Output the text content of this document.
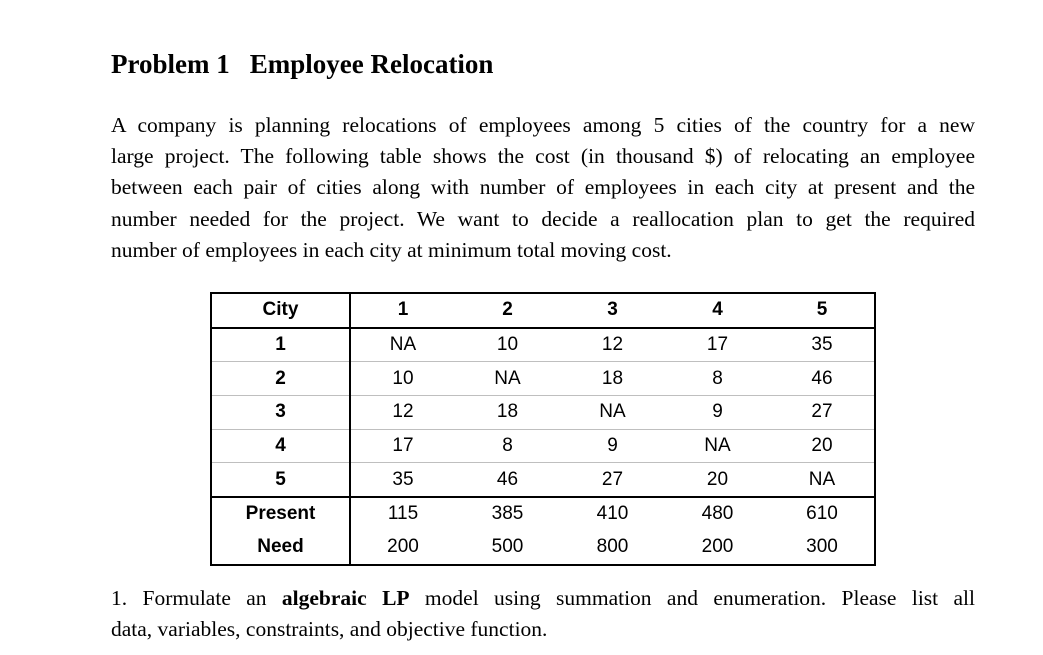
Problem 1 Employee Relocation
A company is planning relocations of employees among 5 cities of the country for a new
large project. The following table shows the cost (in thousand $) of relocating an employee
between each pair of cities along with number of employees in each city at present and the
number needed for the project. We want to decide a reallocation plan to get the required
number of employees in each city at minimum total moving cost.
City	1	2	3	4	5
1	NA	10	12	17	35
2	10	NA	18	8	46
3	12	18	NA	9	27
4	17	8	9	NA	20
5	35	46	27	20	NA
Present	115	385	410	480	610
Need	200	500	800	200	300
1. Formulate an algebraic LP model using summation and enumeration. Please list all
data, variables, constraints, and objective function.
